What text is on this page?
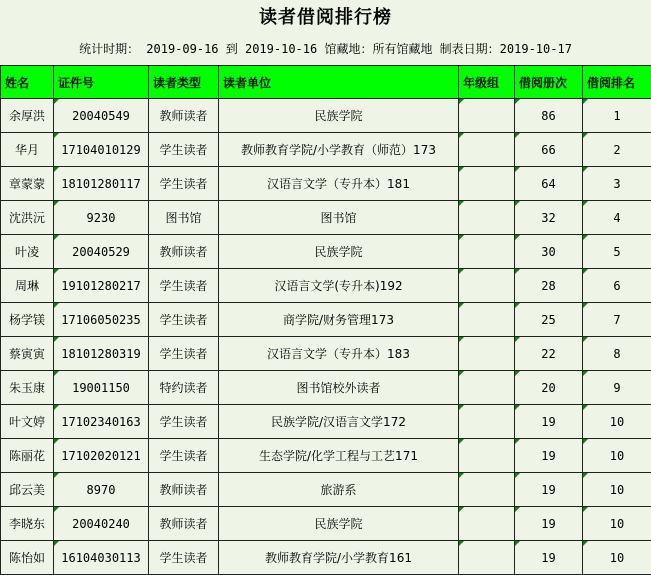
读者借阅排行榜
统计时期： 2019-09-16 到 2019-10-16 馆藏地：所有馆藏地 制表日期：2019-10-17
姓名	证件号	读者类型	读者单位	年级组	借阅册次	借阅排名
余厚洪	20040549	教师读者	民族学院		86	1
华月	17104010129	学生读者	教师教育学院/小学教育（师范）173		66	2
章蒙蒙	18101280117	学生读者	汉语言文学（专升本）181		64	3
沈洪沅	9230	图书馆	图书馆		32	4
叶凌	20040529	教师读者	民族学院		30	5
周琳	19101280217	学生读者	汉语言文学(专升本)192		28	6
杨学镁	17106050235	学生读者	商学院/财务管理173		25	7
蔡寅寅	18101280319	学生读者	汉语言文学（专升本）183		22	8
朱玉康	19001150	特约读者	图书馆校外读者		20	9
叶文婷	17102340163	学生读者	民族学院/汉语言文学172		19	10
陈丽花	17102020121	学生读者	生态学院/化学工程与工艺171		19	10
邱云美	8970	教师读者	旅游系		19	10
李晓东	20040240	教师读者	民族学院		19	10
陈怡如	16104030113	学生读者	教师教育学院/小学教育161		19	10
